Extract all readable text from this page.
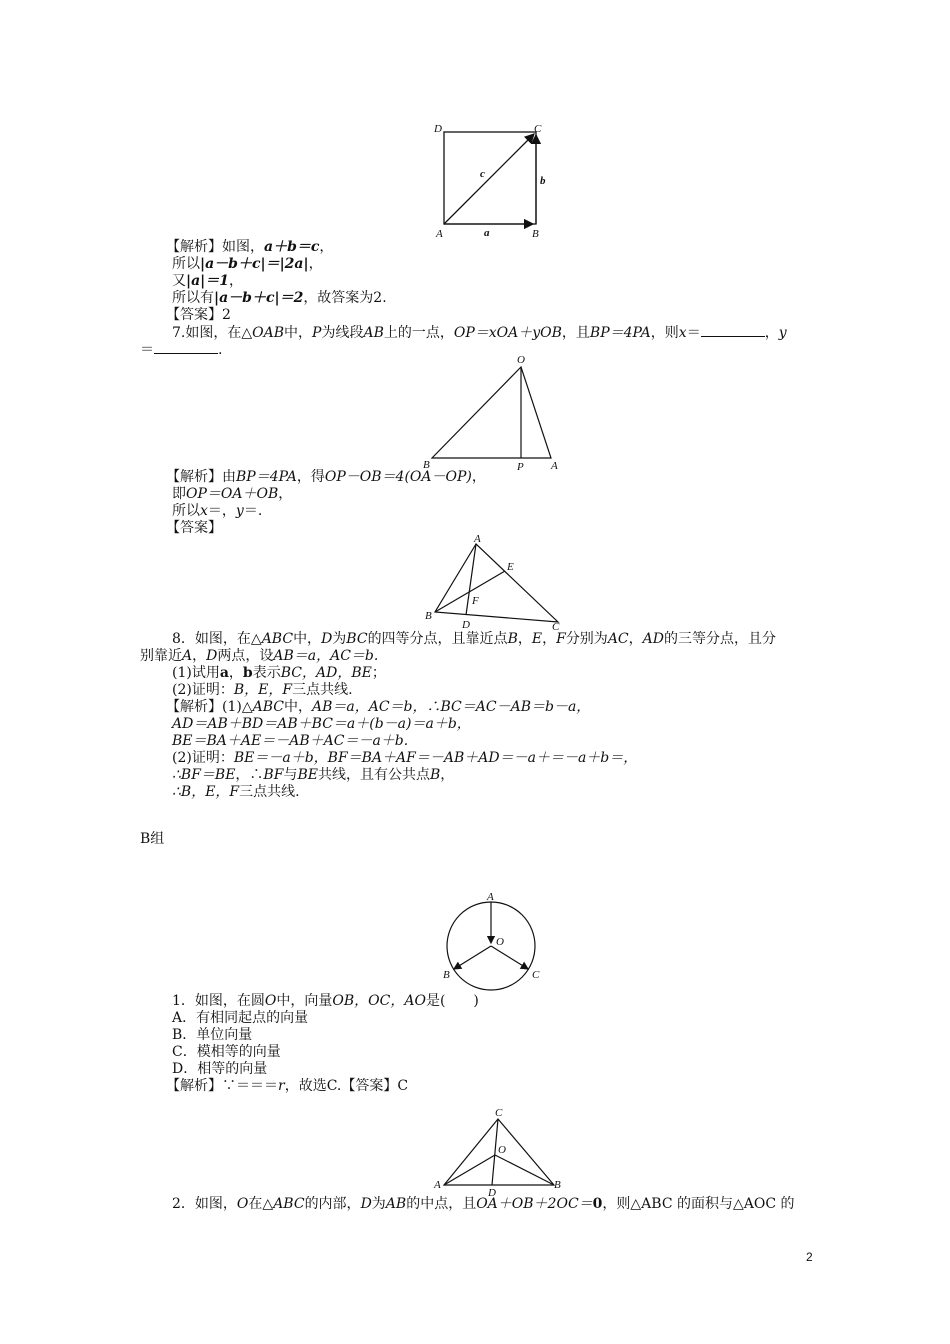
D	C
A	B
a
b
c
【解析】如图，a＋b＝c，
所以|a－b＋c|＝|2a|，
又|a|＝1，
所以有|a－b＋c|＝2，故答案为2.
【答案】2
7.如图，在△OAB中，P为线段AB上的一点，OP＝xOA＋yOB，且BP＝4PA，则x＝	，y
＝	.
O
B	P A
【解析】由BP＝4PA，得OP－OB＝4(OA－OP)，
即OP＝OA＋OB，
所以x＝，y＝.
【答案】
A
E
F
B
D	C
8．如图，在△ABC中，D为BC的四等分点，且靠近点B，E，F分别为AC，AD的三等分点，且分
别靠近A，D两点，设AB＝a，AC＝b.
(1)试用a，b表示BC，AD，BE；
(2)证明：B，E，F三点共线.
【解析】(1)△ABC中，AB＝a，AC＝b，∴BC＝AC－AB＝b－a，
AD＝AB＋BD＝AB＋BC＝a＋(b－a)＝a＋b，
BE＝BA＋AE＝－AB＋AC＝－a＋b.
(2)证明：BE＝－a＋b，BF＝BA＋AF＝－AB＋AD＝－a＋＝－a＋b＝，
∴BF＝BE，∴BF与BE共线，且有公共点B，
∴B，E，F三点共线.
B组
A
O
B	C
1．如图，在圆O中，向量OB，OC，AO是(　　)
A．有相同起点的向量
B．单位向量
C．模相等的向量
D．相等的向量
【解析】∵＝＝＝r，故选C.【答案】C
C
O
A
D
B
2．如图，O在△ABC的内部，D为AB的中点，且OA＋OB＋2OC＝0，则△ABC 的面积与△AOC 的
2
